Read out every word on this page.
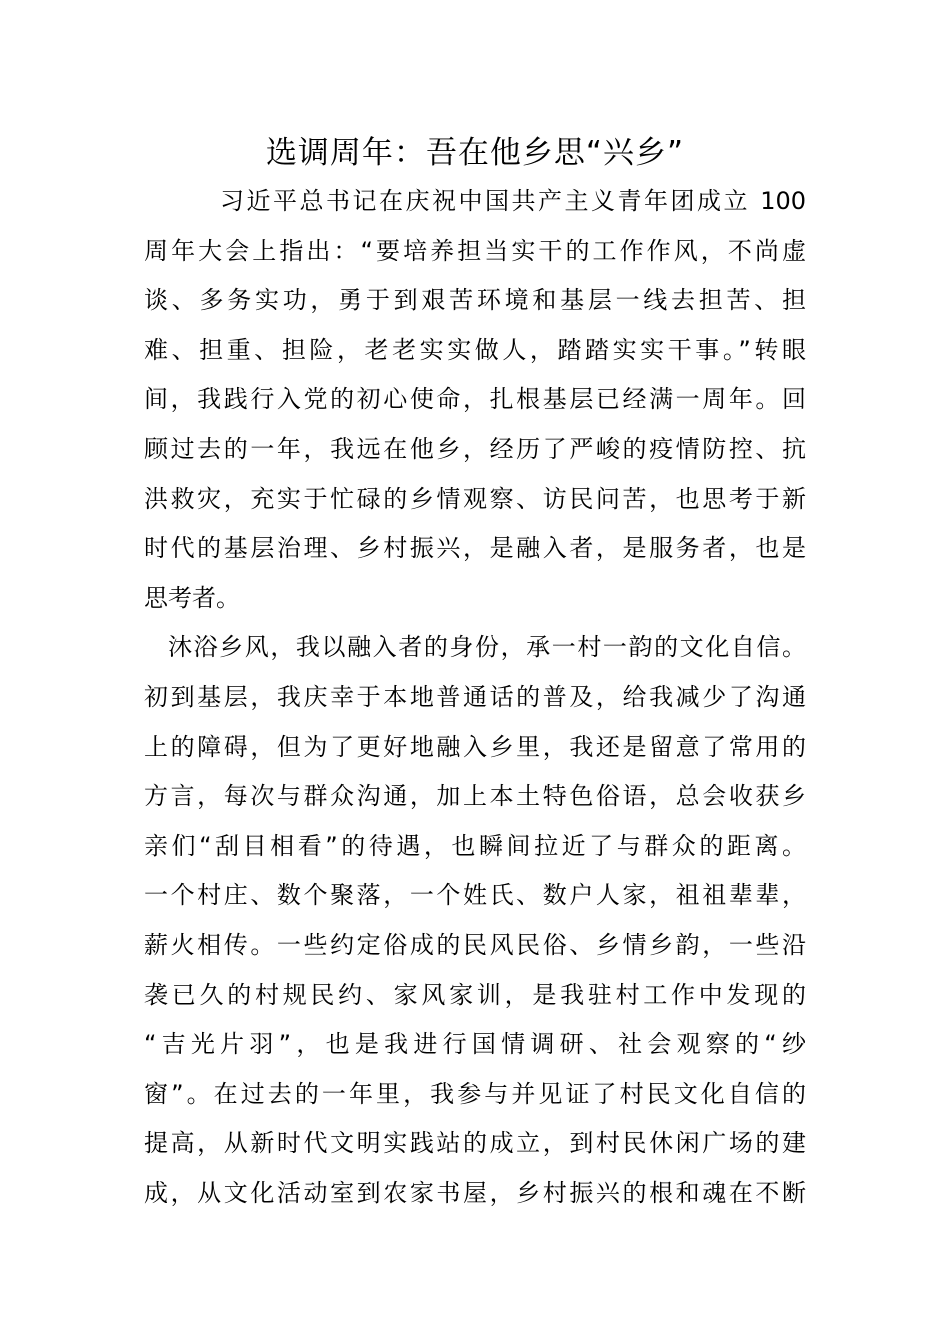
选调周年：吾在他乡思“兴乡”

习近平总书记在庆祝中国共产主义青年团成立 100
周年大会上指出：“要培养担当实干的工作作风，不尚虚
谈、多务实功，勇于到艰苦环境和基层一线去担苦、担
难、担重、担险，老老实实做人，踏踏实实干事。”转眼
间，我践行入党的初心使命，扎根基层已经满一周年。回
顾过去的一年，我远在他乡，经历了严峻的疫情防控、抗
洪救灾，充实于忙碌的乡情观察、访民问苦，也思考于新
时代的基层治理、乡村振兴，是融入者，是服务者，也是
思考者。

沐浴乡风，我以融入者的身份，承一村一韵的文化自信。
初到基层，我庆幸于本地普通话的普及，给我减少了沟通
上的障碍，但为了更好地融入乡里，我还是留意了常用的
方言，每次与群众沟通，加上本土特色俗语，总会收获乡
亲们“刮目相看”的待遇，也瞬间拉近了与群众的距离。
一个村庄、数个聚落，一个姓氏、数户人家，祖祖辈辈，
薪火相传。一些约定俗成的民风民俗、乡情乡韵，一些沿
袭已久的村规民约、家风家训，是我驻村工作中发现的
“吉光片羽”，也是我进行国情调研、社会观察的“纱
窗”。在过去的一年里，我参与并见证了村民文化自信的
提高，从新时代文明实践站的成立，到村民休闲广场的建
成，从文化活动室到农家书屋，乡村振兴的根和魂在不断
